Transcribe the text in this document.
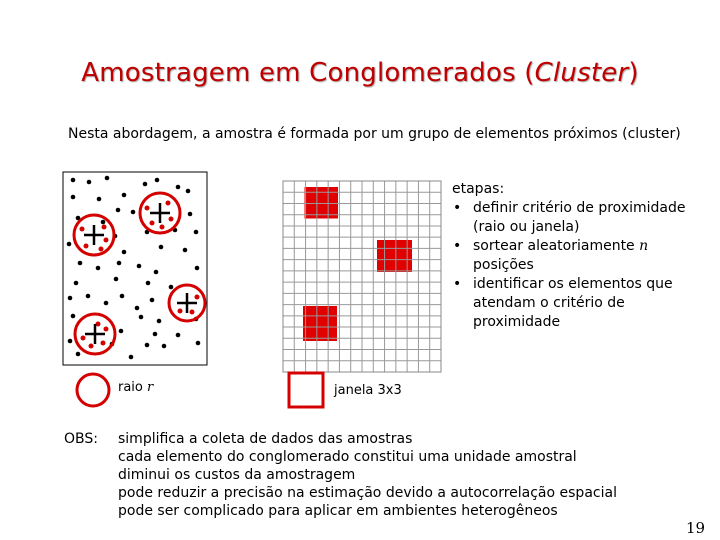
Amostragem em Conglomerados (Cluster)
Nesta abordagem, a amostra é formada por um grupo de elementos próximos (cluster)
raio r	janela 3x3
etapas:
• definir critério de proximidade (raio ou janela)
• sortear aleatoriamente n posições
• identificar os elementos que atendam o critério de proximidade
OBS:	simplifica a coleta de dados das amostras
cada elemento do conglomerado constitui uma unidade amostral
diminui os custos da amostragem
pode reduzir a precisão na estimação devido a autocorrelação espacial
pode ser complicado para aplicar em ambientes heterogêneos
19
